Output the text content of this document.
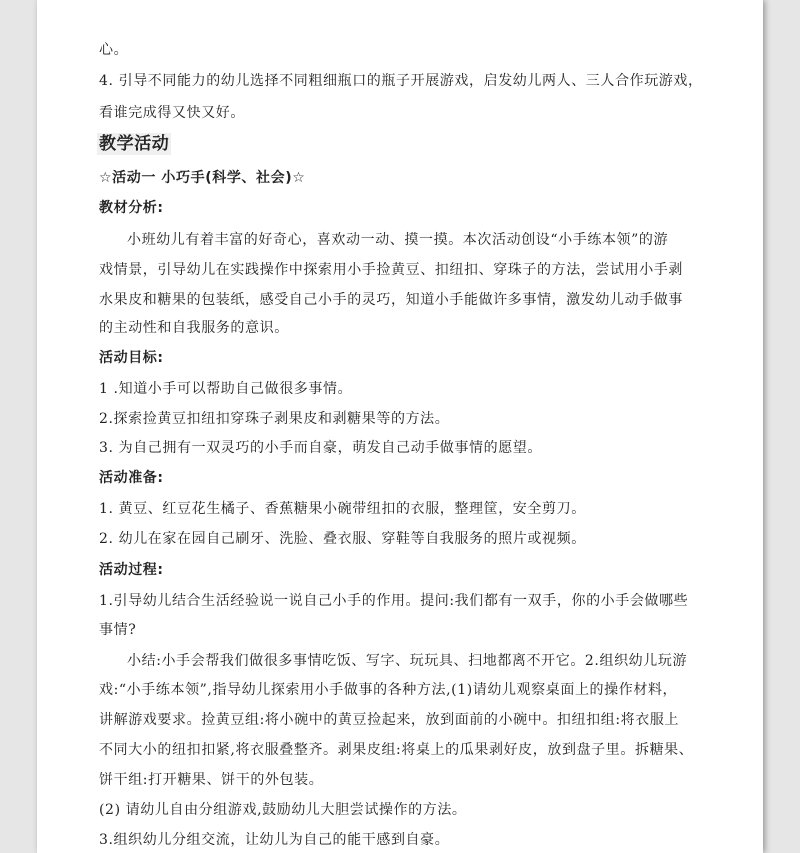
心。
4. 引导不同能力的幼儿选择不同粗细瓶口的瓶子开展游戏，启发幼儿两人、三人合作玩游戏，
看谁完成得又快又好。
教学活动
☆活动一 小巧手(科学、社会)☆
教材分析:
小班幼儿有着丰富的好奇心，喜欢动一动、摸一摸。本次活动创设“小手练本领”的游
戏情景，引导幼儿在实践操作中探索用小手捡黄豆、扣纽扣、穿珠子的方法，尝试用小手剥
水果皮和糖果的包装纸，感受自己小手的灵巧，知道小手能做许多事情，激发幼儿动手做事
的主动性和自我服务的意识。
活动目标:
1 .知道小手可以帮助自己做很多事情。
2.探索捡黄豆扣纽扣穿珠子剥果皮和剥糖果等的方法。
3. 为自己拥有一双灵巧的小手而自豪，萌发自己动手做事情的愿望。
活动准备:
1. 黄豆、红豆花生橘子、香蕉糖果小碗带纽扣的衣服，整理筐，安全剪刀。
2. 幼儿在家在园自己刷牙、洗脸、叠衣服、穿鞋等自我服务的照片或视频。
活动过程:
1.引导幼儿结合生活经验说一说自己小手的作用。提问:我们都有一双手，你的小手会做哪些
事情?
小结:小手会帮我们做很多事情吃饭、写字、玩玩具、扫地都离不开它。2.组织幼儿玩游
戏:“小手练本领”,指导幼儿探索用小手做事的各种方法,(1)请幼儿观察桌面上的操作材料，
讲解游戏要求。捡黄豆组:将小碗中的黄豆捡起来，放到面前的小碗中。扣纽扣组:将衣服上
不同大小的纽扣扣紧,将衣服叠整齐。剥果皮组:将桌上的瓜果剥好皮，放到盘子里。拆糖果、
饼干组:打开糖果、饼干的外包装。
(2) 请幼儿自由分组游戏,鼓励幼儿大胆尝试操作的方法。
3.组织幼儿分组交流，让幼儿为自己的能干感到自豪。
